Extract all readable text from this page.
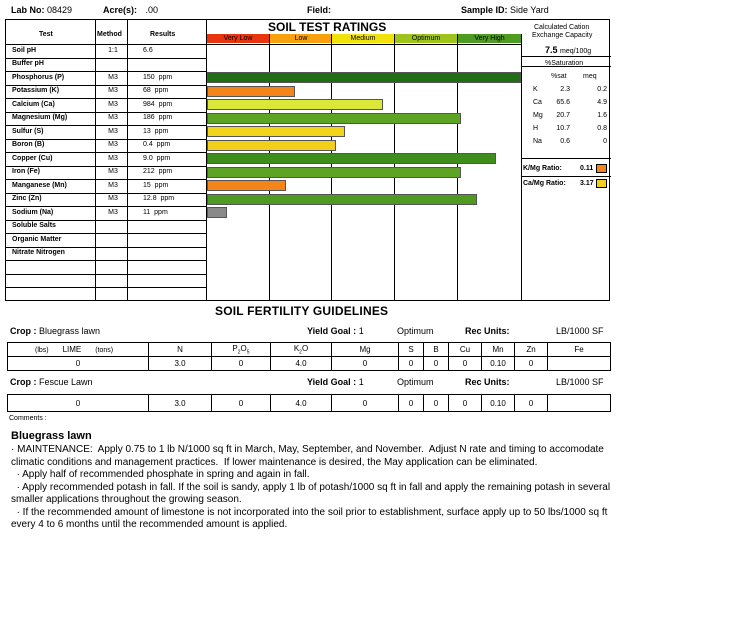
Lab No: 08429	Acre(s): .00	Field:	Sample ID: Side Yard
Test	Method	Results
SOIL TEST RATINGS
Very Low	Low	Medium	Optimum	Very High
Soil pH	1:1	6.6
Buffer pH
Phosphorus (P)	M3	150  ppm
Potassium (K)	M3	68  ppm
Calcium (Ca)	M3	984  ppm
Magnesium (Mg)	M3	186  ppm
Sulfur (S)	M3	13  ppm
Boron (B)	M3	0.4  ppm
Copper (Cu)	M3	9.0  ppm
Iron (Fe)	M3	212  ppm
Manganese (Mn)	M3	15  ppm
Zinc (Zn)	M3	12.8  ppm
Sodium (Na)	M3	11  ppm
Soluble Salts
Organic Matter
Nitrate Nitrogen
Calculated Cation
Exchange Capacity
7.5 meq/100g
%Saturation
%sat meq
K	2.3	0.2
Ca	65.6	4.9
Mg	20.7	1.6
H	10.7	0.8
Na	0.6	0
K/Mg Ratio:	0.11
Ca/Mg Ratio: 3.17
SOIL FERTILITY GUIDELINES
Crop : Bluegrass lawn	Yield Goal : 1	Optimum	Rec Units:	LB/1000 SF
(lbs) LIME (tons)	N	$P_2O_5$	$K_2O$	Mg	S	B	Cu	Mn	Zn	Fe
0	3.0	0	4.0	0	0	0	0	0.10	0	
Crop : Fescue Lawn	Yield Goal : 1	Optimum	Rec Units:	LB/1000 SF
0	3.0	0	4.0	0	0	0	0	0.10	0	
Comments :
Bluegrass lawn
· MAINTENANCE:  Apply 0.75 to 1 lb N/1000 sq ft in March, May, September, and November.  Adjust N rate and timing to accomodate climatic conditions and management practices.  If lower maintenance is desired, the May application can be eliminated.
· Apply half of recommended phosphate in spring and again in fall.
· Apply recommended potash in fall. If the soil is sandy, apply 1 lb of potash/1000 sq ft in fall and apply the remaining potash in several smaller applications throughout the growing season.
· If the recommended amount of limestone is not incorporated into the soil prior to establishment, surface apply up to 50 lbs/1000 sq ft every 4 to 6 months until the recommended amount is applied.
